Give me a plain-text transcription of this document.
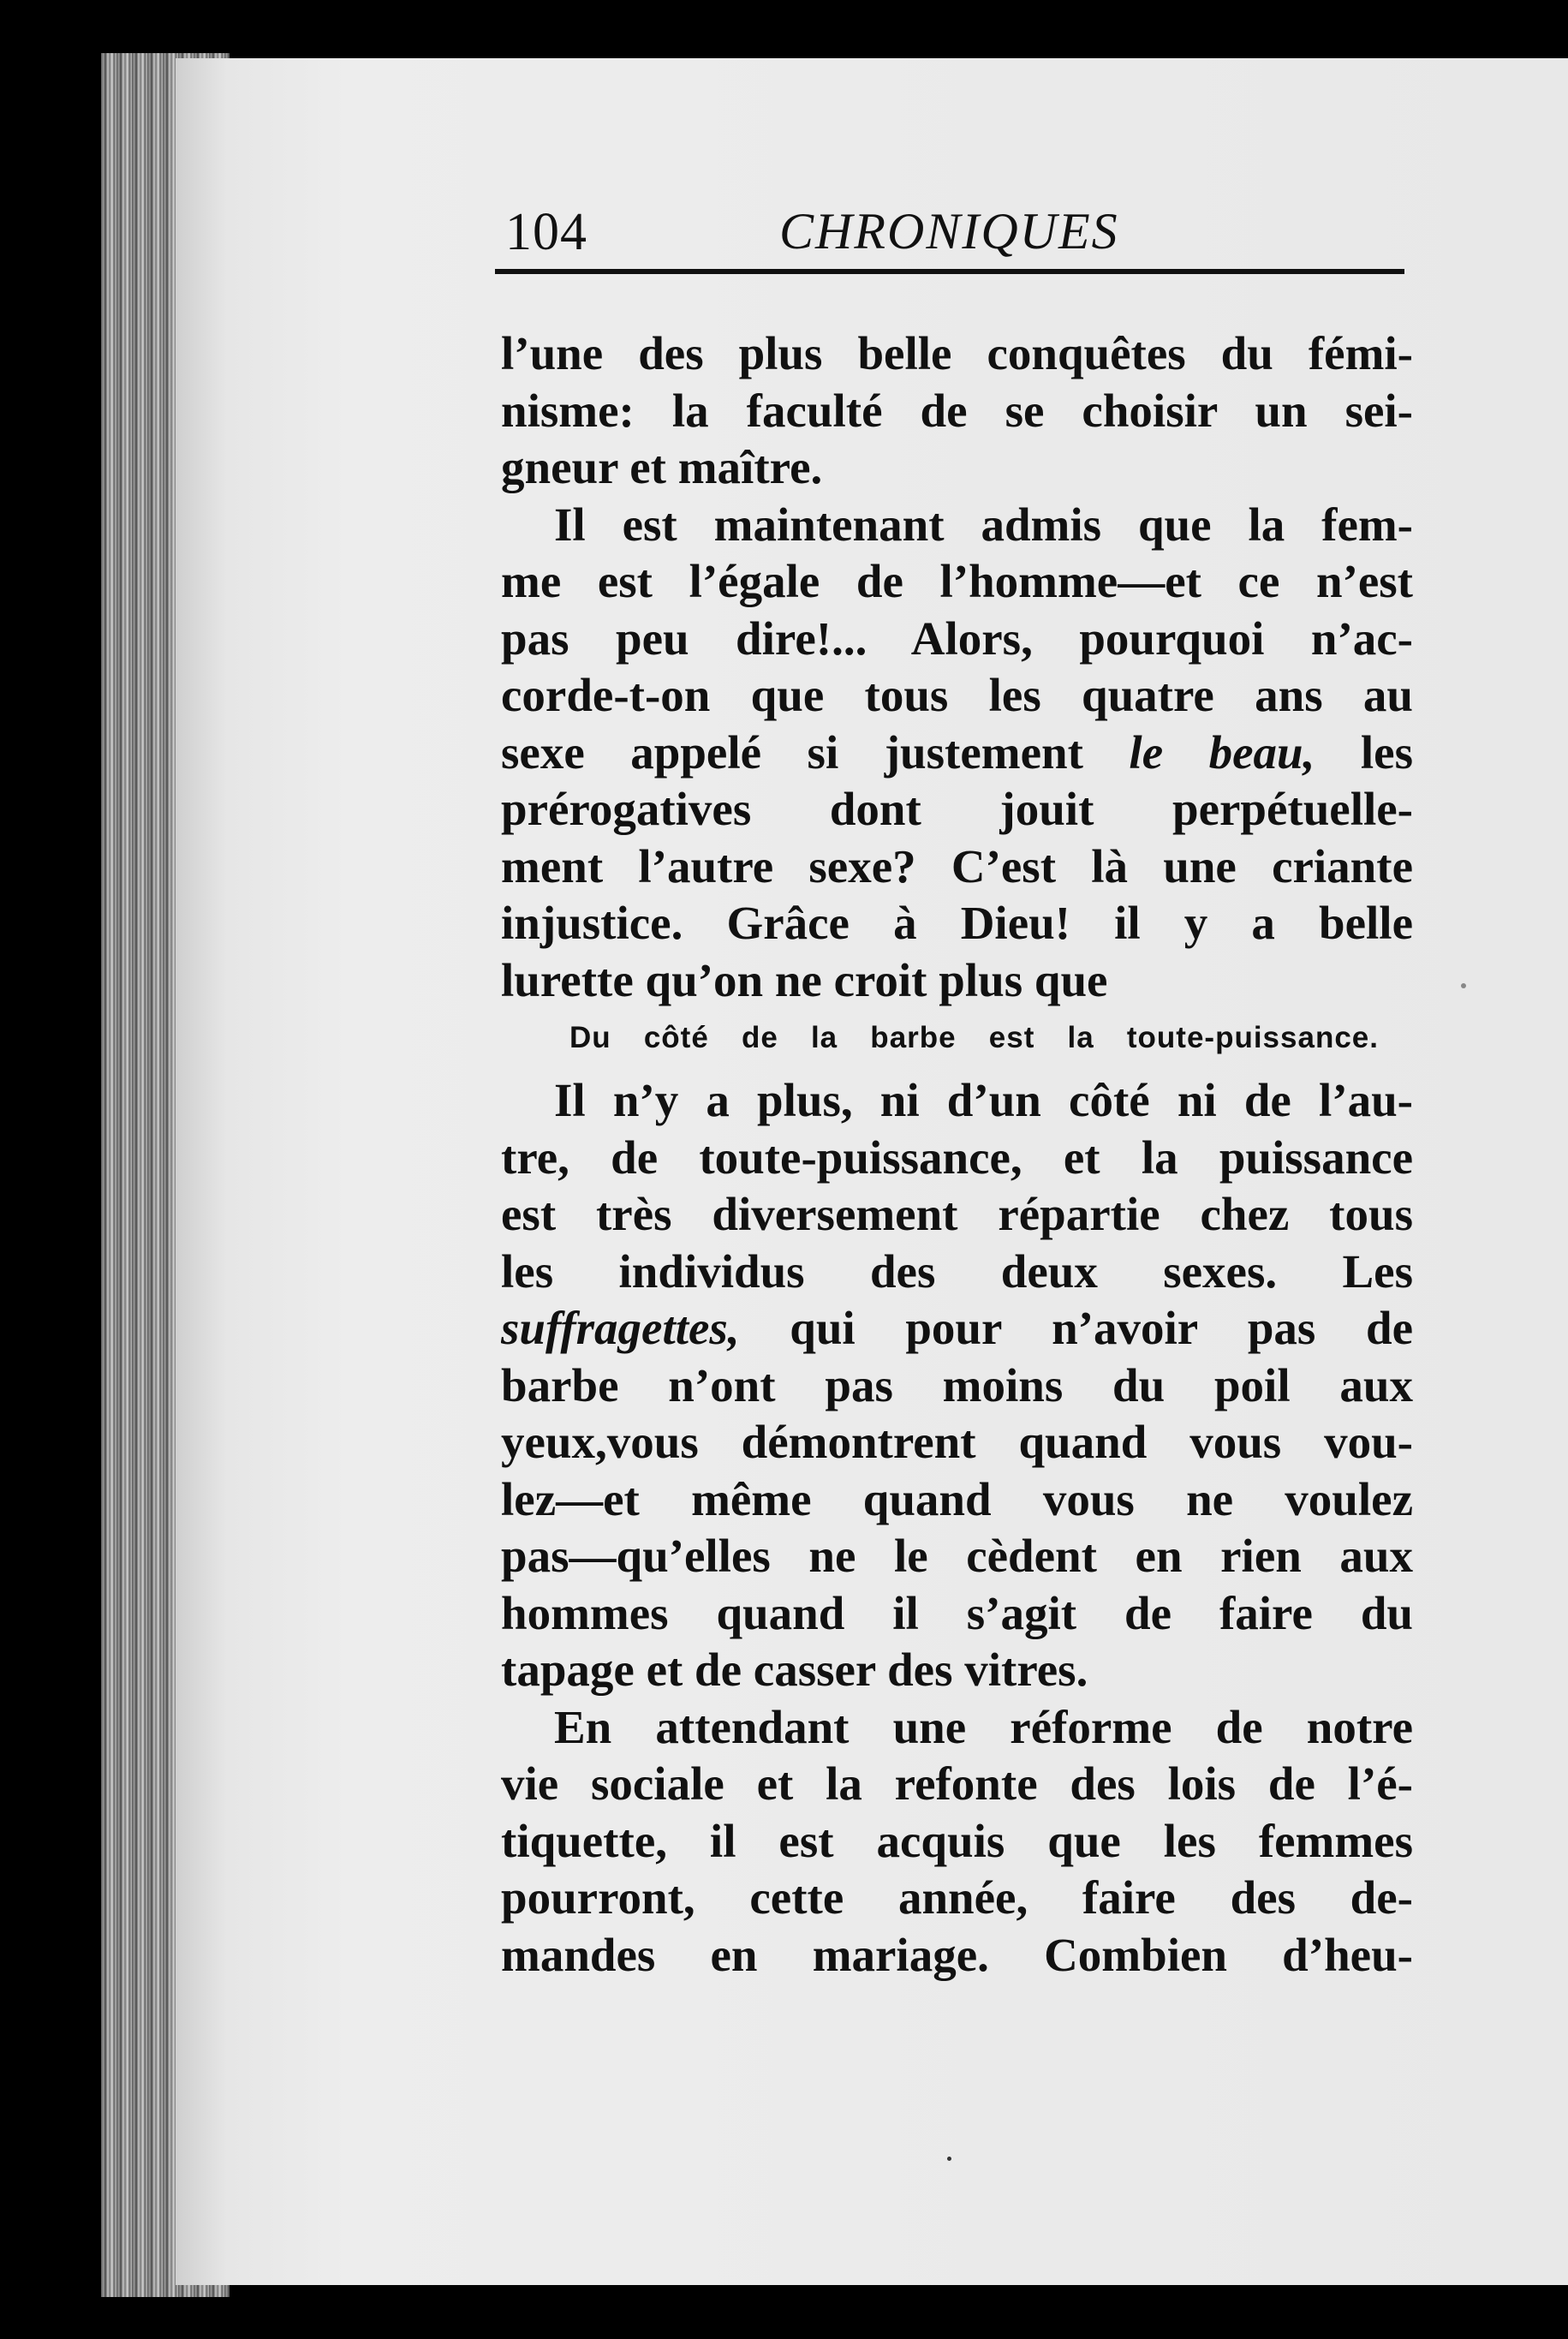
104	CHRONIQUES
l’une des plus belle conquêtes du fémi-
nisme: la faculté de se choisir un sei-
gneur et maître.
Il est maintenant admis que la fem-
me est l’égale de l’homme—et ce n’est
pas peu dire!... Alors, pourquoi n’ac-
corde-t-on que tous les quatre ans au
sexe appelé si justement le beau, les
prérogatives dont jouit perpétuelle-
ment l’autre sexe? C’est là une criante
injustice. Grâce à Dieu! il y a belle
lurette qu’on ne croit plus que
Du côté de la barbe est la toute-puissance.
Il n’y a plus, ni d’un côté ni de l’au-
tre, de toute-puissance, et la puissance
est très diversement répartie chez tous
les individus des deux sexes. Les
suffragettes, qui pour n’avoir pas de
barbe n’ont pas moins du poil aux
yeux,vous démontrent quand vous vou-
lez—et même quand vous ne voulez
pas—qu’elles ne le cèdent en rien aux
hommes quand il s’agit de faire du
tapage et de casser des vitres.
En attendant une réforme de notre
vie sociale et la refonte des lois de l’é-
tiquette, il est acquis que les femmes
pourront, cette année, faire des de-
mandes en mariage. Combien d’heu-
